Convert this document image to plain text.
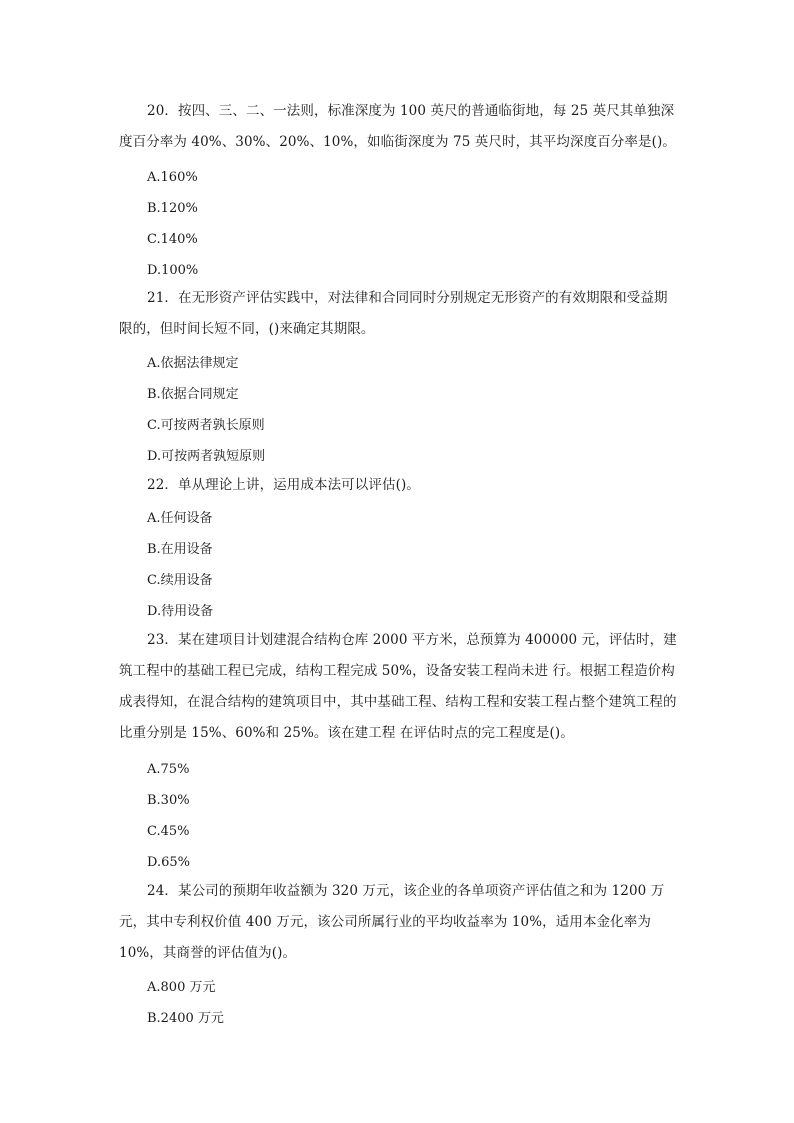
20．按四、三、二、一法则，标准深度为 100 英尺的普通临街地，每 25 英尺其单独深度百分率为 40%、30%、20%、10%，如临街深度为 75 英尺时，其平均深度百分率是()。
A.160%
B.120%
C.140%
D.100%
21．在无形资产评估实践中，对法律和合同同时分别规定无形资产的有效期限和受益期限的，但时间长短不同，()来确定其期限。
A.依据法律规定
B.依据合同规定
C.可按两者孰长原则
D.可按两者孰短原则
22．单从理论上讲，运用成本法可以评估()。
A.任何设备
B.在用设备
C.续用设备
D.待用设备
23．某在建项目计划建混合结构仓库 2000 平方米，总预算为 400000 元，评估时，建筑工程中的基础工程已完成，结构工程完成 50%，设备安装工程尚未进 行。根据工程造价构成表得知，在混合结构的建筑项目中，其中基础工程、结构工程和安装工程占整个建筑工程的比重分别是 15%、60%和 25%。该在建工程 在评估时点的完工程度是()。
A.75%
B.30%
C.45%
D.65%
24．某公司的预期年收益额为 320 万元，该企业的各单项资产评估值之和为 1200 万元，其中专利权价值 400 万元，该公司所属行业的平均收益率为 10%，适用本金化率为 10%，其商誉的评估值为()。
A.800 万元
B.2400 万元
